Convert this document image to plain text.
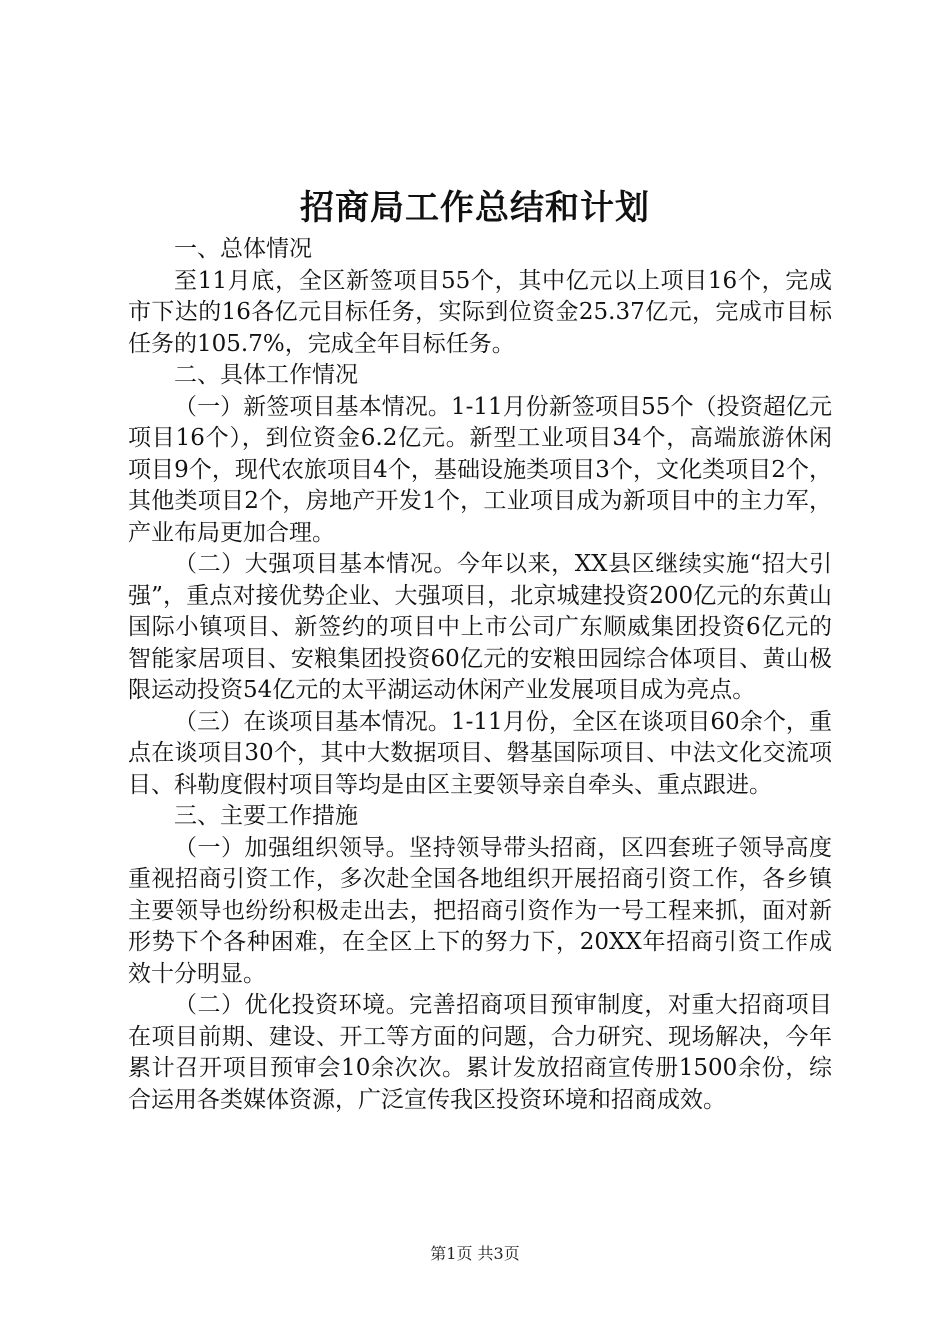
招商局工作总结和计划

一、总体情况

至11月底，全区新签项目55个，其中亿元以上项目16个，完成市下达的16各亿元目标任务，实际到位资金25.37亿元，完成市目标任务的105.7%，完成全年目标任务。

二、具体工作情况

（一）新签项目基本情况。1-11月份新签项目55个（投资超亿元项目16个），到位资金6.2亿元。新型工业项目34个，高端旅游休闲项目9个，现代农旅项目4个，基础设施类项目3个，文化类项目2个，其他类项目2个，房地产开发1个，工业项目成为新项目中的主力军，产业布局更加合理。

（二）大强项目基本情况。今年以来，XX县区继续实施“招大引强”，重点对接优势企业、大强项目，北京城建投资200亿元的东黄山国际小镇项目、新签约的项目中上市公司广东顺威集团投资6亿元的智能家居项目、安粮集团投资60亿元的安粮田园综合体项目、黄山极限运动投资54亿元的太平湖运动休闲产业发展项目成为亮点。

（三）在谈项目基本情况。1-11月份，全区在谈项目60余个，重点在谈项目30个，其中大数据项目、磐基国际项目、中法文化交流项目、科勒度假村项目等均是由区主要领导亲自牵头、重点跟进。

三、主要工作措施

（一）加强组织领导。坚持领导带头招商，区四套班子领导高度重视招商引资工作，多次赴全国各地组织开展招商引资工作，各乡镇主要领导也纷纷积极走出去，把招商引资作为一号工程来抓，面对新形势下个各种困难，在全区上下的努力下，20XX年招商引资工作成效十分明显。

（二）优化投资环境。完善招商项目预审制度，对重大招商项目在项目前期、建设、开工等方面的问题，合力研究、现场解决，今年累计召开项目预审会10余次次。累计发放招商宣传册1500余份，综合运用各类媒体资源，广泛宣传我区投资环境和招商成效。

第1页 共3页
